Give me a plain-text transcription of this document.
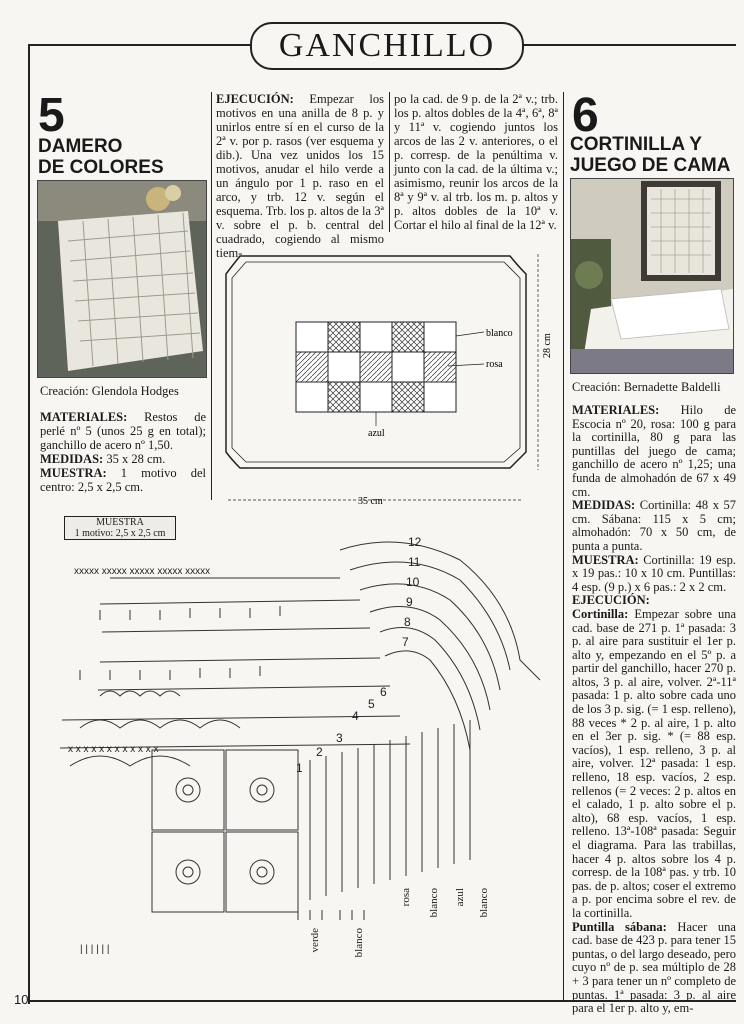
GANCHILLO
5
DAMERO
DE COLORES
Creación: Glendola Hodges
MATERIALES: Restos de perlé nº 5 (unos 25 g en total); ganchillo de acero nº 1,50.
MEDIDAS: 35 x 28 cm.
MUESTRA: 1 motivo del centro: 2,5 x 2,5 cm.
EJECUCIÓN: Empezar los motivos en una anilla de 8 p. y unirlos entre sí en el curso de la 2ª v. por p. rasos (ver esquema y dib.). Una vez unidos los 15 motivos, anudar el hilo verde a un ángulo por 1 p. raso en el arco, y trb. 12 v. según el esquema. Trb. los p. altos de la 3ª v. sobre el p. b. central del cuadrado, cogiendo al mismo tiem-
po la cad. de 9 p. de la 2ª v.; trb. los p. altos dobles de la 4ª, 6ª, 8ª y 11ª v. cogiendo juntos los arcos de las 2 v. anteriores, o el p. corresp. de la penúltima v. junto con la cad. de la última v.; asimismo, reunir los arcos de la 8ª y 9ª v. al trb. los m. p. altos y p. altos dobles de la 10ª v. Cortar el hilo al final de la 12ª v.
blanco
rosa
azul
35 cm
28 cm
MUESTRA
1 motivo: 2,5 x 2,5 cm
xxxxx xxxxx xxxxx xxxxx xxxxx
x x x x x x x x x x x x
| | | | | |
12
11
10
9
8
7
6
5
4
3
2
1
verde	blanco
rosa blanco azul blanco
6
CORTINILLA Y
JUEGO DE CAMA
Creación: Bernadette Baldelli
MATERIALES: Hilo de Escocia nº 20, rosa: 100 g para la cortinilla, 80 g para las puntillas del juego de cama; ganchillo de acero nº 1,25; una funda de almohadón de 67 x 49 cm.
MEDIDAS: Cortinilla: 48 x 57 cm. Sábana: 115 x 5 cm; almohadón: 70 x 50 cm, de punta a punta.
MUESTRA: Cortinilla: 19 esp. x 19 pas.: 10 x 10 cm. Puntillas: 4 esp. (9 p.) x 6 pas.: 2 x 2 cm.
EJECUCIÓN:
Cortinilla: Empezar sobre una cad. base de 271 p. 1ª pasada: 3 p. al aire para sustituir el 1er p. alto y, empezando en el 5º p. a partir del ganchillo, hacer 270 p. altos, 3 p. al aire, volver. 2ª-11ª pasada: 1 p. alto sobre cada uno de los 3 p. sig. (= 1 esp. relleno), 88 veces * 2 p. al aire, 1 p. alto en el 3er p. sig. * (= 88 esp. vacíos), 1 esp. relleno, 3 p. al aire, volver. 12ª pasada: 1 esp. relleno, 18 esp. vacíos, 2 esp. rellenos (= 2 veces: 2 p. altos en el calado, 1 p. alto sobre el p. alto), 68 esp. vacíos, 1 esp. relleno. 13ª-108ª pasada: Seguir el diagrama. Para las trabillas, hacer 4 p. altos sobre los 4 p. corresp. de la 108ª pas. y trb. 10 pas. de p. altos; coser el extremo a p. por encima sobre el rev. de la cortinilla.
Puntilla sábana: Hacer una cad. base de 423 p. para tener 15 puntas, o del largo deseado, pero cuyo nº de p. sea múltiplo de 28 + 3 para tener un nº completo de puntas. 1ª pasada: 3 p. al aire para el 1er p. alto y, em-
10
